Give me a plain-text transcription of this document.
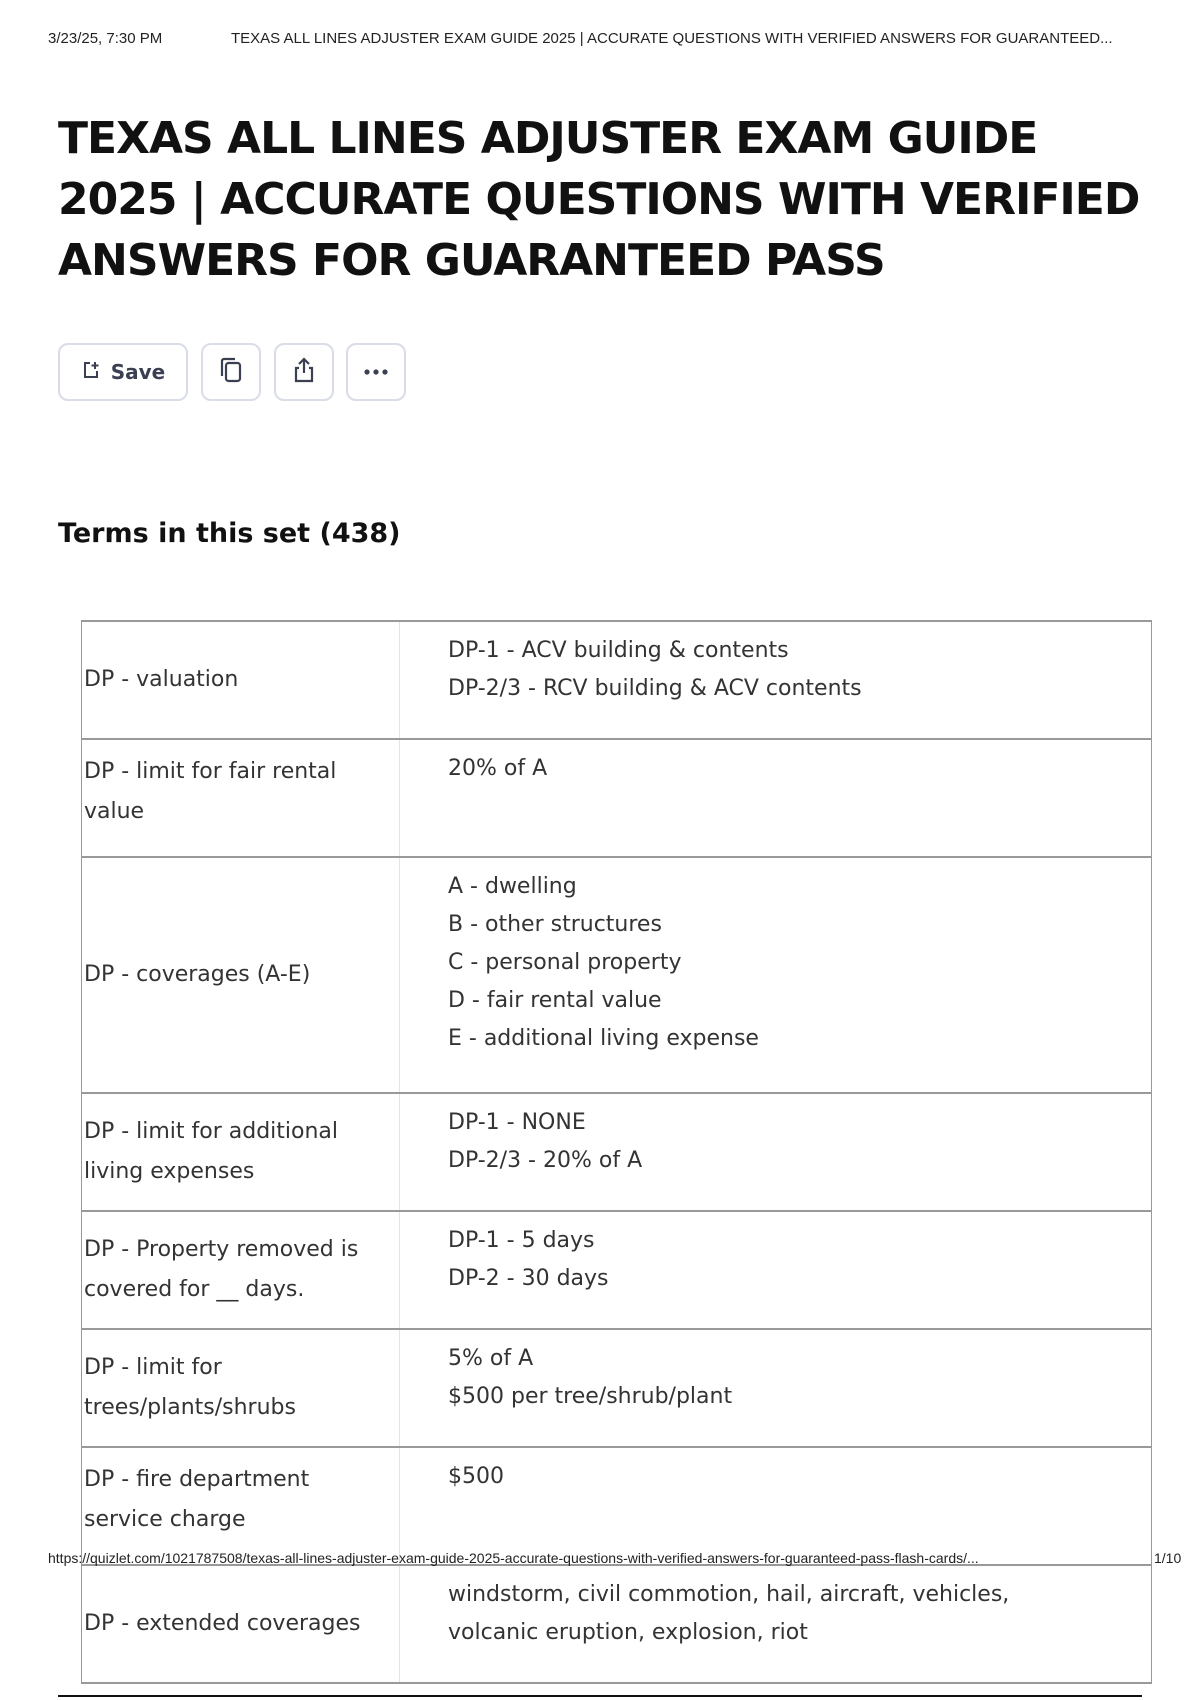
3/23/25, 7:30 PM	TEXAS ALL LINES ADJUSTER EXAM GUIDE 2025 | ACCURATE QUESTIONS WITH VERIFIED ANSWERS FOR GUARANTEED...
TEXAS ALL LINES ADJUSTER EXAM GUIDE 2025 | ACCURATE QUESTIONS WITH VERIFIED ANSWERS FOR GUARANTEED PASS
Save
Terms in this set (438)
DP - valuation	DP-1 - ACV building & contents
DP-2/3 - RCV building & ACV contents

DP - limit for fair rental value	20% of A

DP - coverages (A-E)	A - dwelling
B - other structures
C - personal property
D - fair rental value
E - additional living expense

DP - limit for additional living expenses	DP-1 - NONE
DP-2/3 - 20% of A

DP - Property removed is covered for __ days.	DP-1 - 5 days
DP-2 - 30 days

DP - limit for trees/plants/shrubs	5% of A
$500 per tree/shrub/plant

DP - fire department service charge	$500

DP - extended coverages	windstorm, civil commotion, hail, aircraft, vehicles,
volcanic eruption, explosion, riot
https://quizlet.com/1021787508/texas-all-lines-adjuster-exam-guide-2025-accurate-questions-with-verified-answers-for-guaranteed-pass-flash-cards/...	1/10
